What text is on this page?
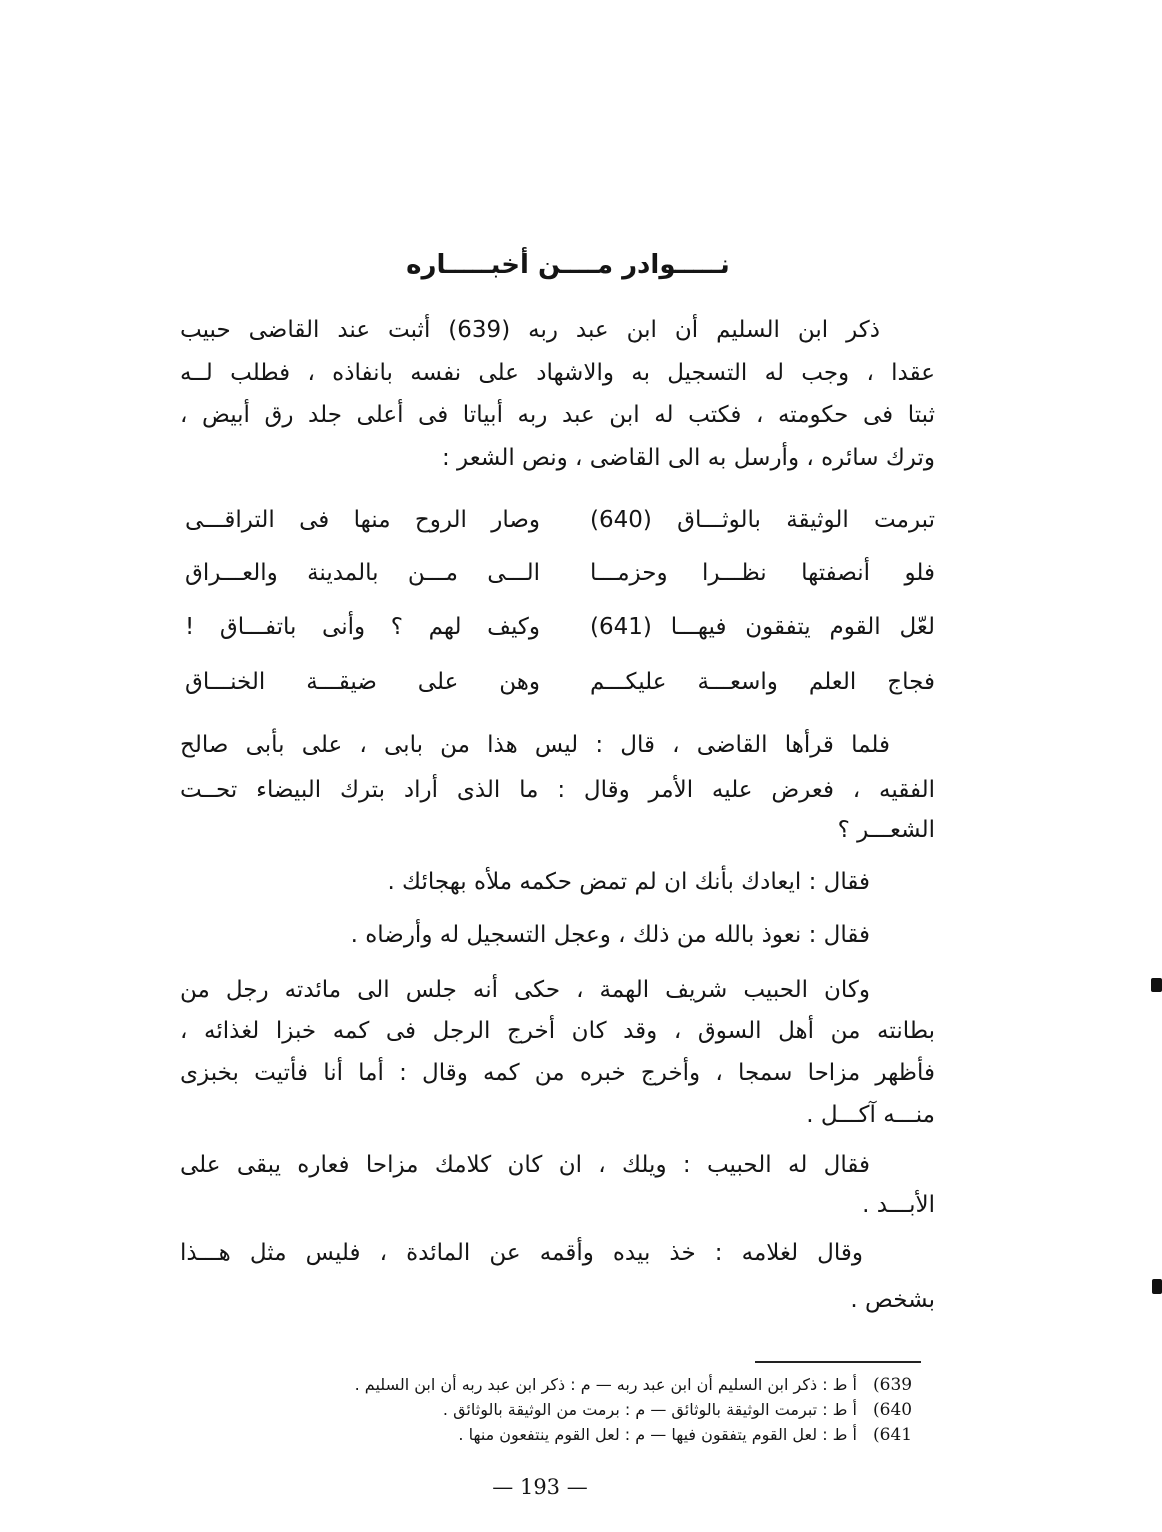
نـــــوادر مــــن أخبـــــاره
ذكر ابن السليم أن ابن عبد ربه (639) أثبت عند القاضى حبيب
عقدا ، وجب له التسجيل به والاشهاد على نفسه بانفاذه ، فطلب لــه
ثبتا فى حكومته ، فكتب له ابن عبد ربه أبياتا فى أعلى جلد رق أبيض ،
وترك سائره ، وأرسل به الى القاضى ، ونص الشعر :
تبرمت الوثيقة بالوثـــاق (640)
وصار الروح منها فى التراقـــى
فلو أنصفتها نظـــرا وحزمـــا
الـــى مـــن بالمدينة والعـــراق
لعّل القوم يتفقون فيهـــا (641)
وكيف لهم ؟ وأنى باتفـــاق !
فجاج العلم واسعـــة عليكـــم
وهن على ضيقـــة الخنـــاق
فلما قرأها القاضى ، قال : ليس هذا من بابى ، على بأبى صالح
الفقيه ، فعرض عليه الأمر وقال : ما الذى أراد بترك البيضاء تحــت
الشعـــر ؟
فقال : ايعادك بأنك ان لم تمض حكمه ملأه بهجائك .
فقال : نعوذ بالله من ذلك ، وعجل التسجيل له وأرضاه .
وكان الحبيب شريف الهمة ، حكى أنه جلس الى مائدته رجل من
بطانته من أهل السوق ، وقد كان أخرج الرجل فى كمه خبزا لغذائه ،
فأظهر مزاحا سمجا ، وأخرج خبره من كمه وقال : أما أنا فأتيت بخبزى
منـــه آكـــل .
فقال له الحبيب : ويلك ، ان كان كلامك مزاحا فعاره يبقى على
الأبـــد .
وقال لغلامه : خذ بيده وأقمه عن المائدة ، فليس مثل هـــذا
بشخص .
(639
أ ط : ذكر ابن السليم أن ابن عبد ربه — م : ذكر ابن عبد ربه أن ابن السليم .
(640
أ ط : تبرمت الوثيقة بالوثائق — م : برمت من الوثيقة بالوثائق .
(641
أ ط : لعل القوم يتفقون فيها — م : لعل القوم ينتفعون منها .
— 193 —
